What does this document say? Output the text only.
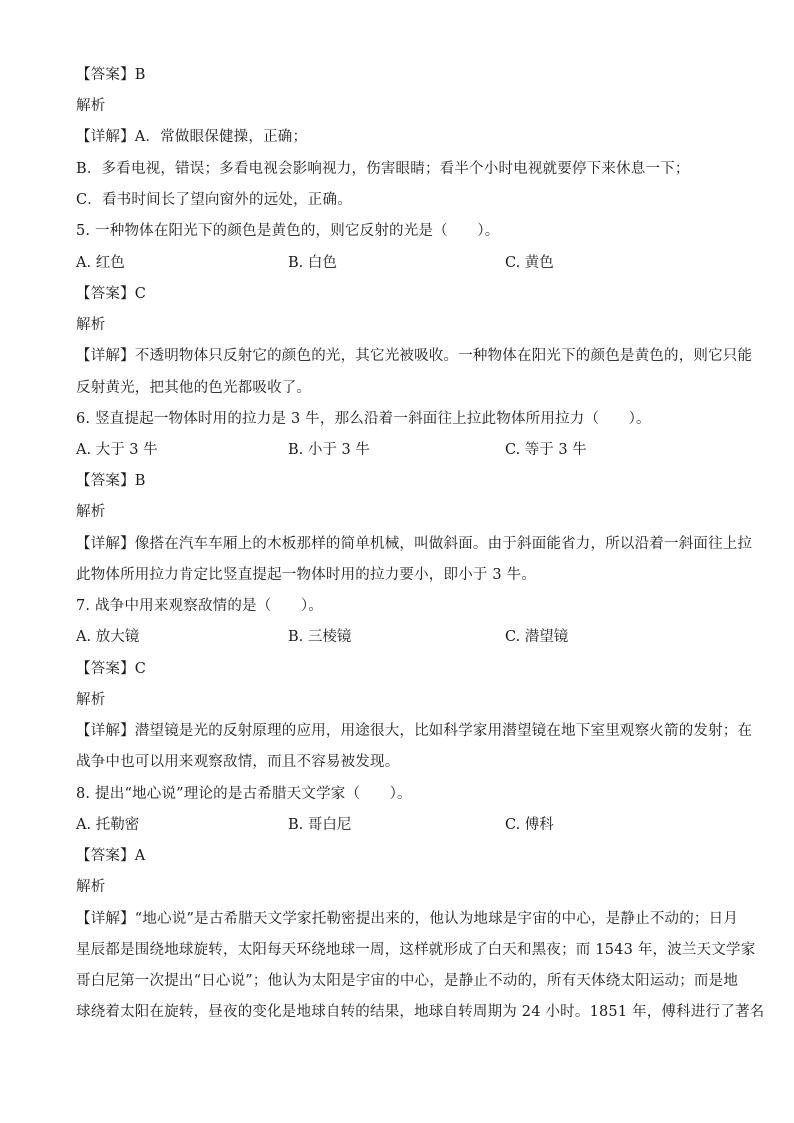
【答案】B
解析
【详解】A．常做眼保健操，正确；
B．多看电视，错误；多看电视会影响视力，伤害眼睛；看半个小时电视就要停下来休息一下；
C．看书时间长了望向窗外的远处，正确。
5. 一种物体在阳光下的颜色是黄色的，则它反射的光是（　　）。
A. 红色	B. 白色	C. 黄色
【答案】C
解析
【详解】不透明物体只反射它的颜色的光，其它光被吸收。一种物体在阳光下的颜色是黄色的，则它只能
反射黄光，把其他的色光都吸收了。
6. 竖直提起一物体时用的拉力是 3 牛，那么沿着一斜面往上拉此物体所用拉力（　　）。
A. 大于 3 牛	B. 小于 3 牛	C. 等于 3 牛
【答案】B
解析
【详解】像搭在汽车车厢上的木板那样的简单机械，叫做斜面。由于斜面能省力，所以沿着一斜面往上拉
此物体所用拉力肯定比竖直提起一物体时用的拉力要小，即小于 3 牛。
7. 战争中用来观察敌情的是（　　）。
A. 放大镜	B. 三棱镜	C. 潜望镜
【答案】C
解析
【详解】潜望镜是光的反射原理的应用，用途很大，比如科学家用潜望镜在地下室里观察火箭的发射；在
战争中也可以用来观察敌情，而且不容易被发现。
8. 提出“地心说”理论的是古希腊天文学家（　　）。
A. 托勒密	B. 哥白尼	C. 傅科
【答案】A
解析
【详解】“地心说”是古希腊天文学家托勒密提出来的，他认为地球是宇宙的中心，是静止不动的；日月
星辰都是围绕地球旋转，太阳每天环绕地球一周，这样就形成了白天和黑夜；而 1543 年，波兰天文学家
哥白尼第一次提出“日心说”；他认为太阳是宇宙的中心，是静止不动的，所有天体绕太阳运动；而是地
球绕着太阳在旋转，昼夜的变化是地球自转的结果，地球自转周期为 24 小时。1851 年，傅科进行了著名
